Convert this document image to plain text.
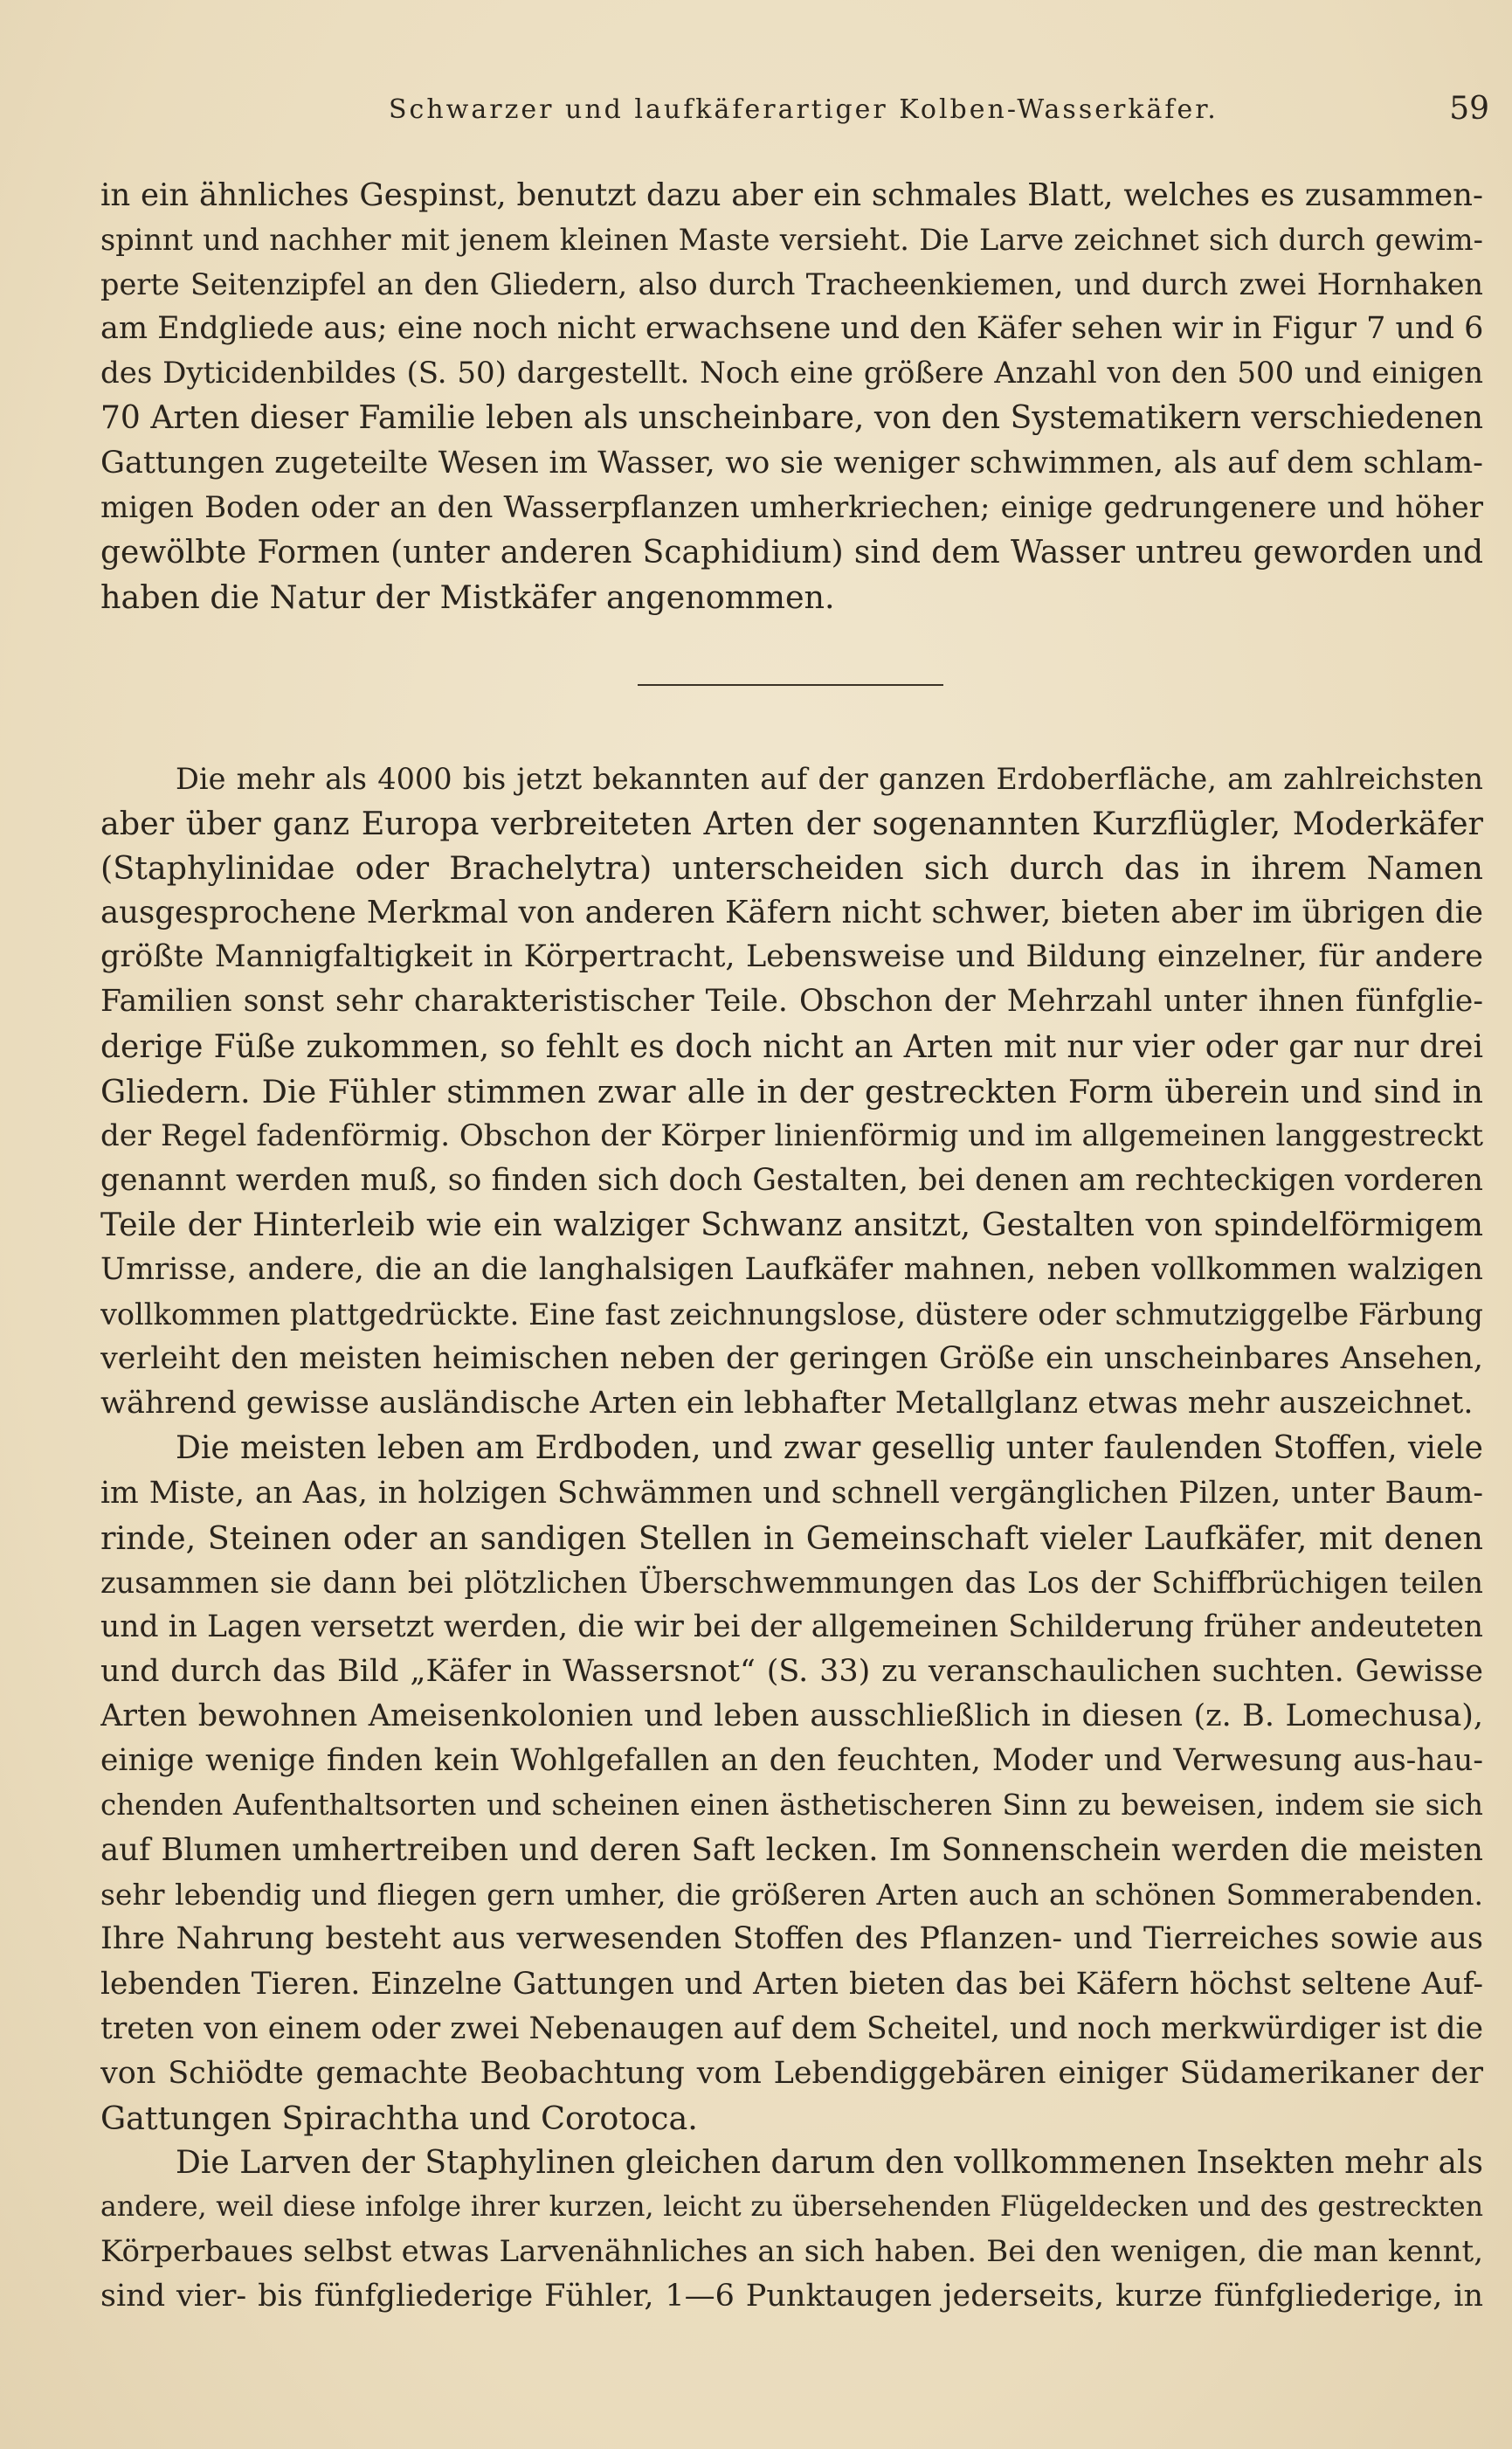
Schwarzer und laufkäferartiger Kolben-Wasserkäfer.	59
in ein ähnliches Gespinst, benutzt dazu aber ein schmales Blatt, welches es zusammen-
spinnt und nachher mit jenem kleinen Maste versieht. Die Larve zeichnet sich durch gewim-
perte Seitenzipfel an den Gliedern, also durch Tracheenkiemen, und durch zwei Hornhaken
am Endgliede aus; eine noch nicht erwachsene und den Käfer sehen wir in Figur 7 und 6
des Dyticidenbildes (S. 50) dargestellt. Noch eine größere Anzahl von den 500 und einigen
70 Arten dieser Familie leben als unscheinbare, von den Systematikern verschiedenen
Gattungen zugeteilte Wesen im Wasser, wo sie weniger schwimmen, als auf dem schlam-
migen Boden oder an den Wasserpflanzen umherkriechen; einige gedrungenere und höher
gewölbte Formen (unter anderen Scaphidium) sind dem Wasser untreu geworden und
haben die Natur der Mistkäfer angenommen.
Die mehr als 4000 bis jetzt bekannten auf der ganzen Erdoberfläche, am zahlreichsten
aber über ganz Europa verbreiteten Arten der sogenannten Kurzflügler, Moderkäfer
(Staphylinidae oder Brachelytra) unterscheiden sich durch das in ihrem Namen
ausgesprochene Merkmal von anderen Käfern nicht schwer, bieten aber im übrigen die
größte Mannigfaltigkeit in Körpertracht, Lebensweise und Bildung einzelner, für andere
Familien sonst sehr charakteristischer Teile. Obschon der Mehrzahl unter ihnen fünfglie-
derige Füße zukommen, so fehlt es doch nicht an Arten mit nur vier oder gar nur drei
Gliedern. Die Fühler stimmen zwar alle in der gestreckten Form überein und sind in
der Regel fadenförmig. Obschon der Körper linienförmig und im allgemeinen langgestreckt
genannt werden muß, so finden sich doch Gestalten, bei denen am rechteckigen vorderen
Teile der Hinterleib wie ein walziger Schwanz ansitzt, Gestalten von spindelförmigem
Umrisse, andere, die an die langhalsigen Laufkäfer mahnen, neben vollkommen walzigen
vollkommen plattgedrückte. Eine fast zeichnungslose, düstere oder schmutziggelbe Färbung
verleiht den meisten heimischen neben der geringen Größe ein unscheinbares Ansehen,
während gewisse ausländische Arten ein lebhafter Metallglanz etwas mehr auszeichnet.
Die meisten leben am Erdboden, und zwar gesellig unter faulenden Stoffen, viele
im Miste, an Aas, in holzigen Schwämmen und schnell vergänglichen Pilzen, unter Baum-
rinde, Steinen oder an sandigen Stellen in Gemeinschaft vieler Laufkäfer, mit denen
zusammen sie dann bei plötzlichen Überschwemmungen das Los der Schiffbrüchigen teilen
und in Lagen versetzt werden, die wir bei der allgemeinen Schilderung früher andeuteten
und durch das Bild „Käfer in Wassersnot“ (S. 33) zu veranschaulichen suchten. Gewisse
Arten bewohnen Ameisenkolonien und leben ausschließlich in diesen (z. B. Lomechusa),
einige wenige finden kein Wohlgefallen an den feuchten, Moder und Verwesung aus-hau-
chenden Aufenthaltsorten und scheinen einen ästhetischeren Sinn zu beweisen, indem sie sich
auf Blumen umhertreiben und deren Saft lecken. Im Sonnenschein werden die meisten
sehr lebendig und fliegen gern umher, die größeren Arten auch an schönen Sommerabenden.
Ihre Nahrung besteht aus verwesenden Stoffen des Pflanzen- und Tierreiches sowie aus
lebenden Tieren. Einzelne Gattungen und Arten bieten das bei Käfern höchst seltene Auf-
treten von einem oder zwei Nebenaugen auf dem Scheitel, und noch merkwürdiger ist die
von Schiödte gemachte Beobachtung vom Lebendiggebären einiger Südamerikaner der
Gattungen Spirachtha und Corotoca.
Die Larven der Staphylinen gleichen darum den vollkommenen Insekten mehr als
andere, weil diese infolge ihrer kurzen, leicht zu übersehenden Flügeldecken und des gestreckten
Körperbaues selbst etwas Larvenähnliches an sich haben. Bei den wenigen, die man kennt,
sind vier- bis fünfgliederige Fühler, 1—6 Punktaugen jederseits, kurze fünfgliederige, in
